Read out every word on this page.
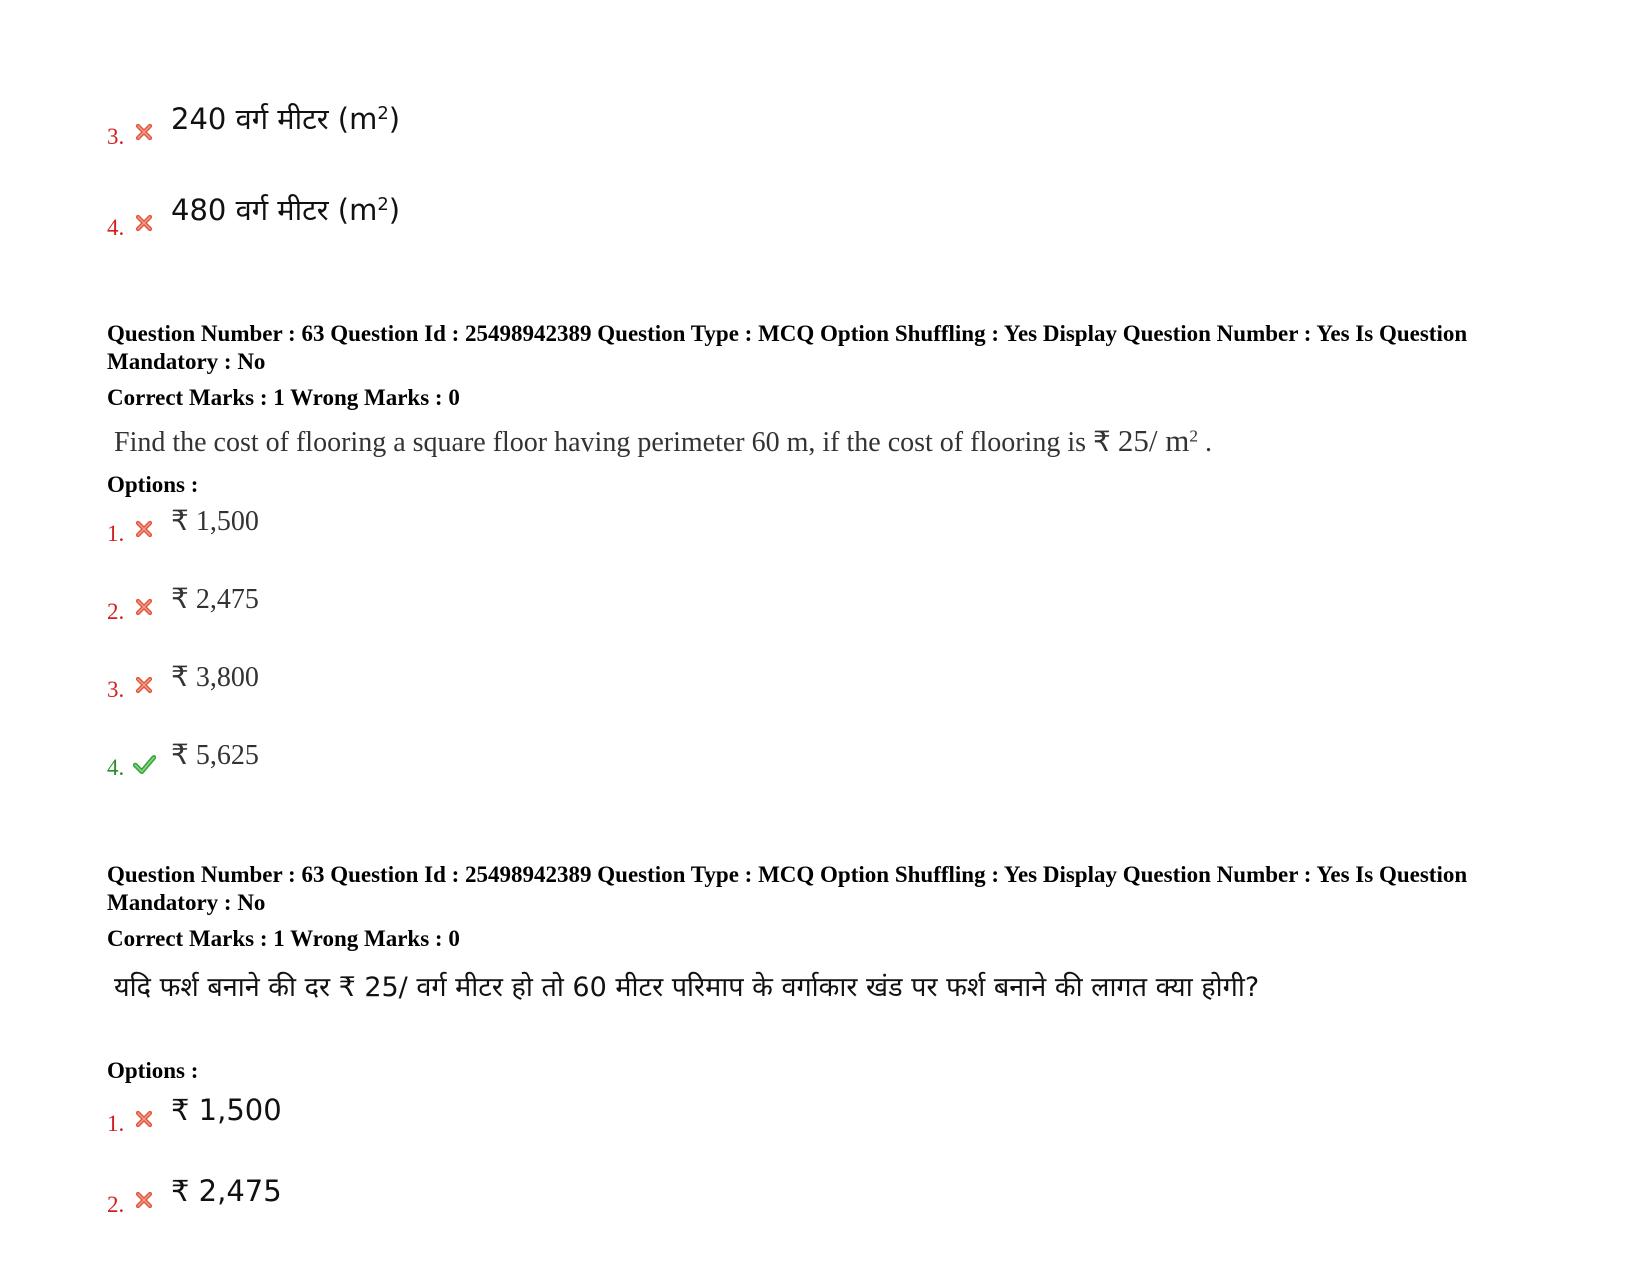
3.
240 वर्ग मीटर $(m^2)$
4.
480 वर्ग मीटर $(m^2)$
Question Number : 63 Question Id : 25498942389 Question Type : MCQ Option Shuffling : Yes Display Question Number : Yes Is Question Mandatory : No
Correct Marks : 1 Wrong Marks : 0
Find the cost of flooring a square floor having perimeter 60 m, if the cost of flooring is ₹ 25/ $m^2$ .
Options :
1. ₹ 1,500
2. ₹ 2,475
3. ₹ 3,800
4. ₹ 5,625
Question Number : 63 Question Id : 25498942389 Question Type : MCQ Option Shuffling : Yes Display Question Number : Yes Is Question Mandatory : No
Correct Marks : 1 Wrong Marks : 0
यदि फर्श बनाने की दर ₹ 25/ वर्ग मीटर हो तो 60 मीटर परिमाप के वर्गाकार खंड पर फर्श बनाने की लागत क्या होगी?
Options :
1. ₹ 1,500
2. ₹ 2,475
